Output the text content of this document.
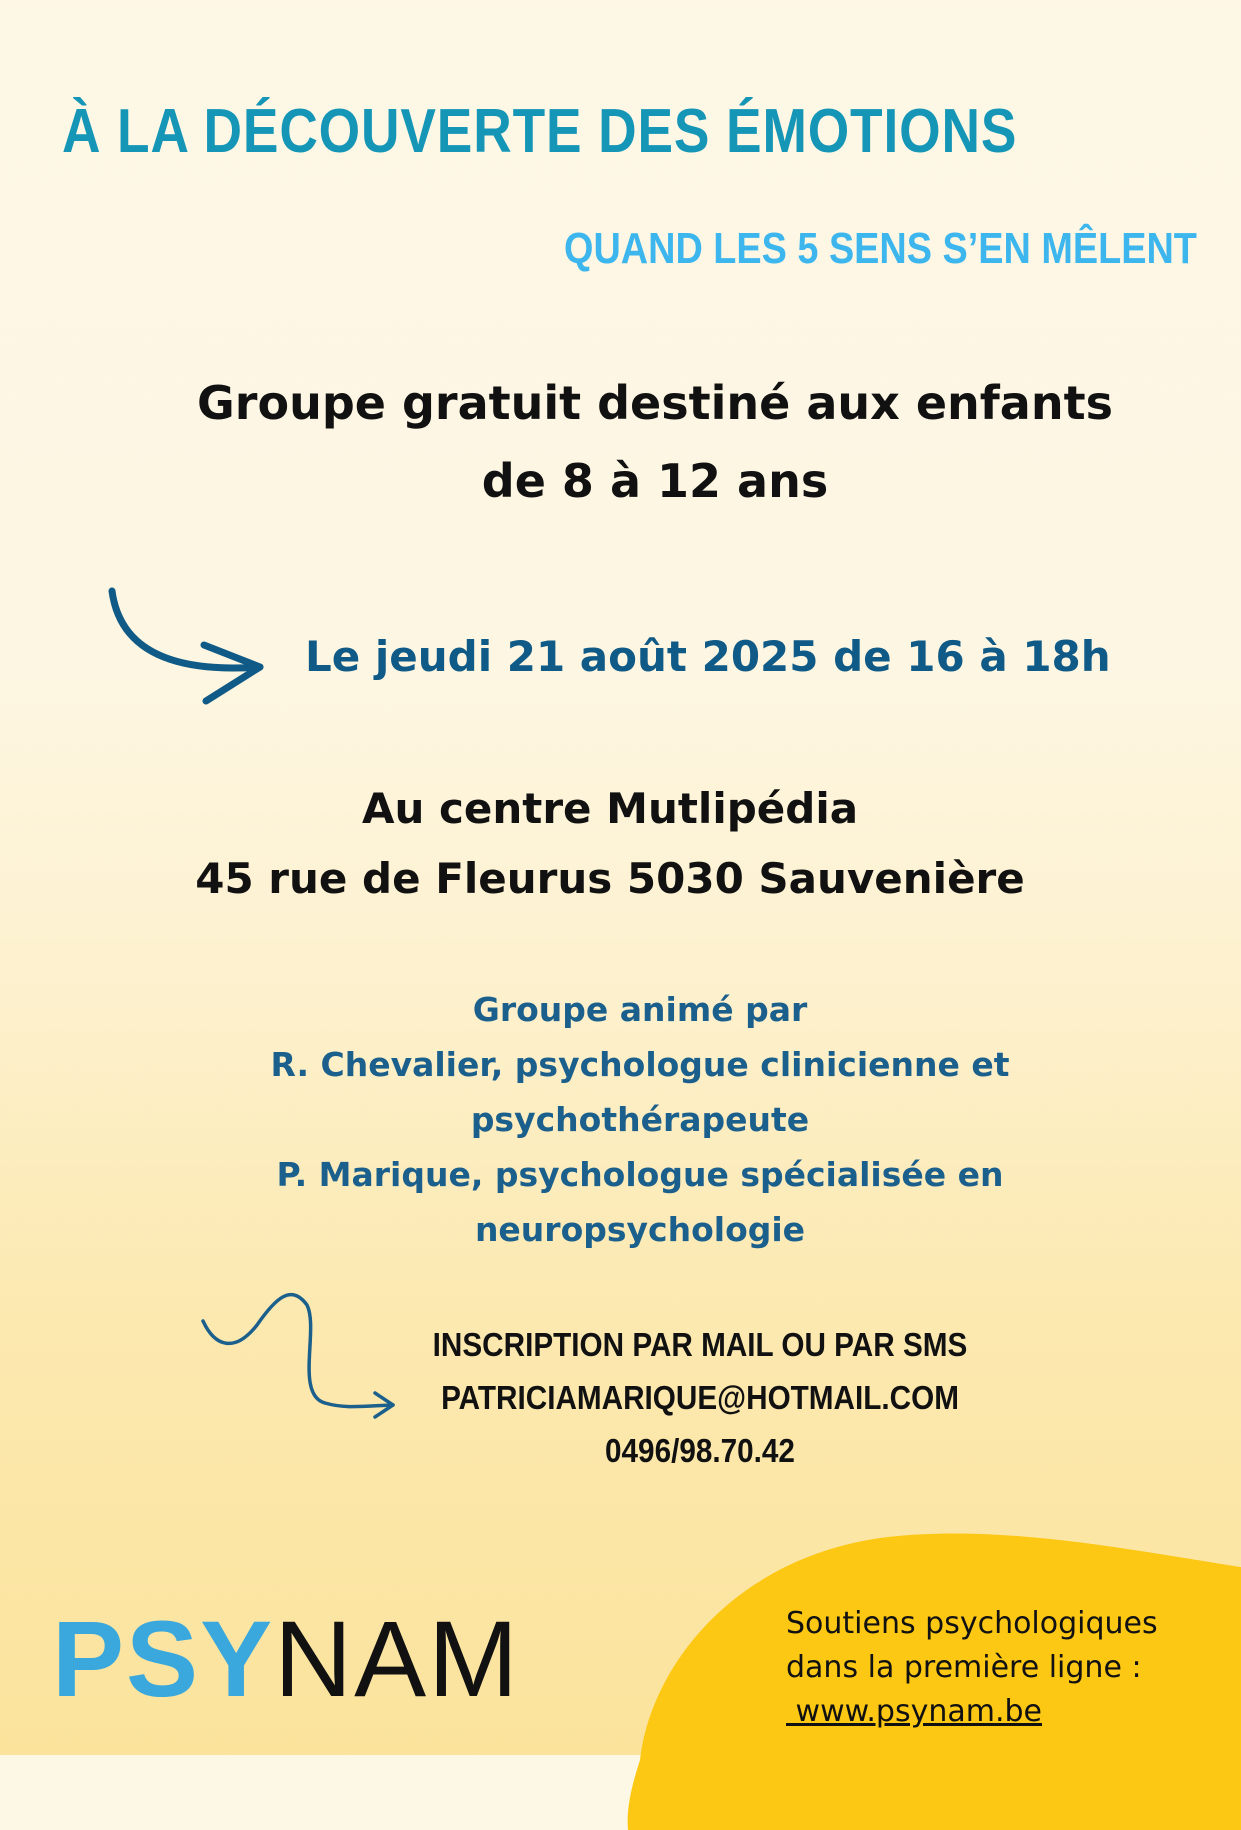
À LA DÉCOUVERTE DES ÉMOTIONS
QUAND LES 5 SENS S’EN MÊLENT
Groupe gratuit destiné aux enfants
de 8 à 12 ans
Le jeudi 21 août 2025 de 16 à 18h
Au centre Mutlipédia
45 rue de Fleurus 5030 Sauvenière
Groupe animé par
R. Chevalier, psychologue clinicienne et
psychothérapeute
P. Marique, psychologue spécialisée en
neuropsychologie
INSCRIPTION PAR MAIL OU PAR SMS
PATRICIAMARIQUE@HOTMAIL.COM
0496/98.70.42
PSYNAM	Soutiens psychologiques
dans la première ligne :
www.psynam.be
